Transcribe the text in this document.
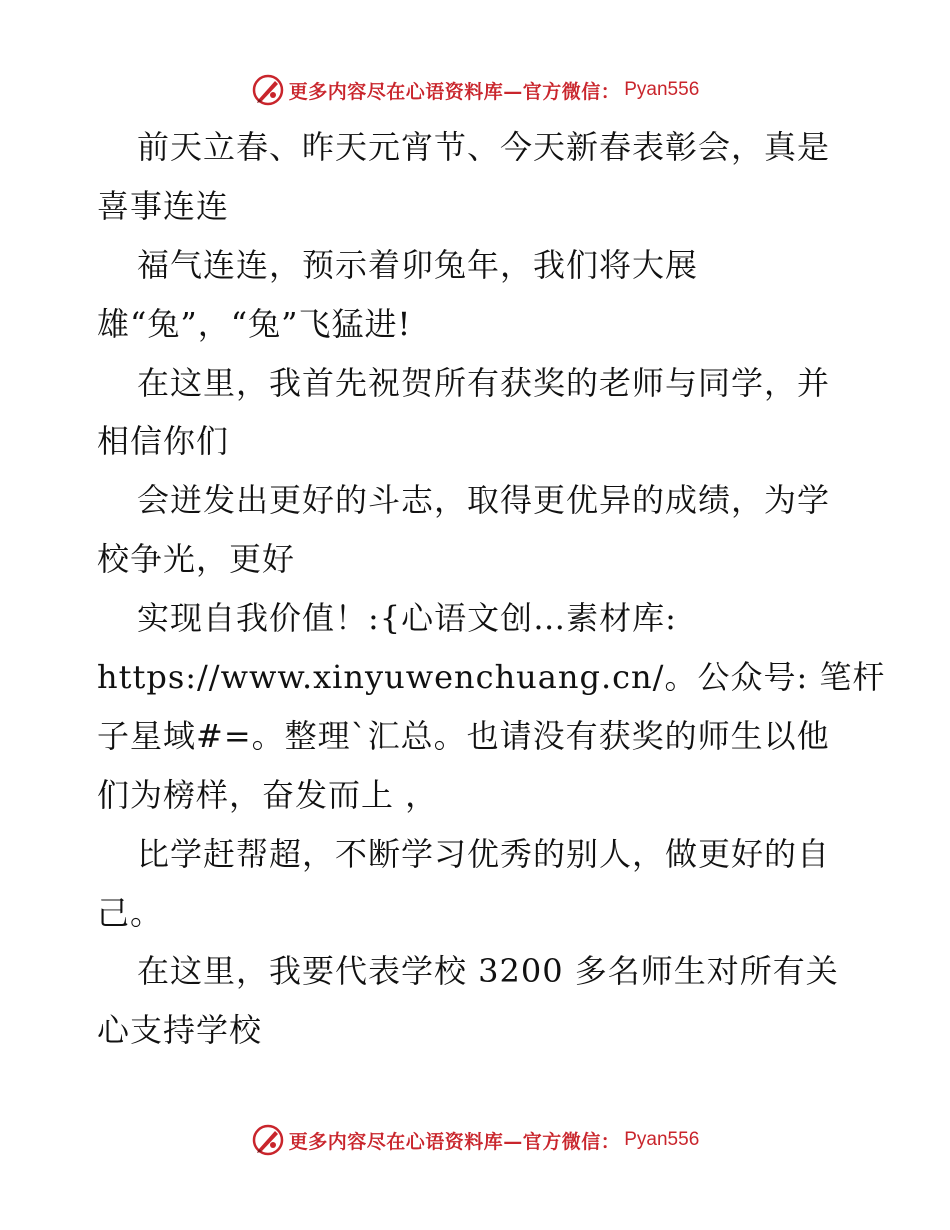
更多内容尽在心语资料库—官方微信： Pyan556
前天立春、昨天元宵节、今天新春表彰会，真是
喜事连连
福气连连，预示着卯兔年，我们将大展
雄“兔”，“兔”飞猛进!
在这里，我首先祝贺所有获奖的老师与同学，并
相信你们
会迸发出更好的斗志，取得更优异的成绩，为学
校争光，更好
实现自我价值！:{心语文创…素材库:
https://www.xinyuwenchuang.cn/。公众号: 笔杆
子星域#=。整理`汇总。也请没有获奖的师生以他
们为榜样，奋发而上 ，
比学赶帮超，不断学习优秀的别人，做更好的自
己。
在这里，我要代表学校 3200 多名师生对所有关
心支持学校
更多内容尽在心语资料库—官方微信： Pyan556
